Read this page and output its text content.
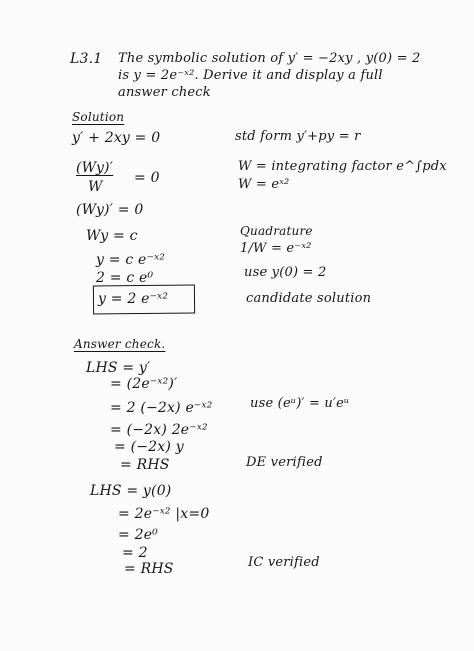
L3.1 The symbolic solution of y′ = −2xy , y(0) = 2
is y = 2e⁻ˣ². Derive it and display a full
answer check
Solution
y′ + 2xy = 0
(Wy)′
W
= 0
(Wy)′ = 0
Wy = c
y = c e⁻ˣ²
2 = c e⁰
y = 2 e⁻ˣ²
std form y′+py = r
W = integrating factor e^∫pdx
W = eˣ²
Quadrature
1/W = e⁻ˣ²
use y(0) = 2
candidate solution
Answer check.
LHS = y′
= (2e⁻ˣ²)′
= 2 (−2x) e⁻ˣ²
= (−2x) 2e⁻ˣ²
= (−2x) y
= RHS
use (eᵘ)′ = u′eᵘ
DE verified
LHS = y(0)
= 2e⁻ˣ² |x=0
= 2e⁰
= 2
= RHS	IC verified
